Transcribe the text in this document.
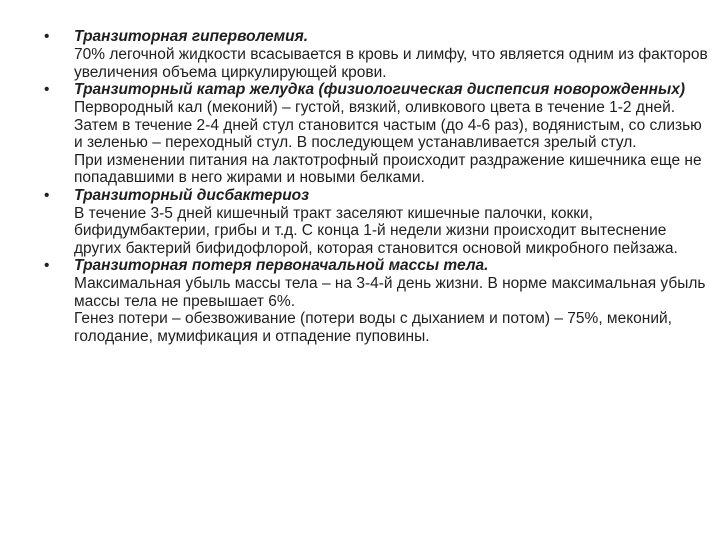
• Транзиторная гиперволемия.

70% легочной жидкости всасывается в кровь и лимфу, что является одним из факторов увеличения объема циркулирующей крови.

• Транзиторный катар желудка (физиологическая диспепсия новорожденных)

Первородный кал (меконий) – густой, вязкий, оливкового цвета в течение 1-2 дней. Затем в течение 2-4 дней стул становится частым (до 4-6 раз), водянистым, со слизью и зеленью – переходный стул. В последующем устанавливается зрелый стул.

При изменении питания на лактотрофный происходит раздражение кишечника еще не попадавшими в него жирами и новыми белками.

• Транзиторный дисбактериоз

В течение 3-5 дней кишечный тракт заселяют кишечные палочки, кокки, бифидумбактерии, грибы и т.д. С конца 1-й недели жизни происходит вытеснение других бактерий бифидофлорой, которая становится основой микробного пейзажа.

• Транзиторная потеря первоначальной массы тела.

Максимальная убыль массы тела – на 3-4-й день жизни. В норме максимальная убыль массы тела не превышает 6%.

Генез потери – обезвоживание (потери воды с дыханием и потом) – 75%, меконий, голодание, мумификация и отпадение пуповины.
